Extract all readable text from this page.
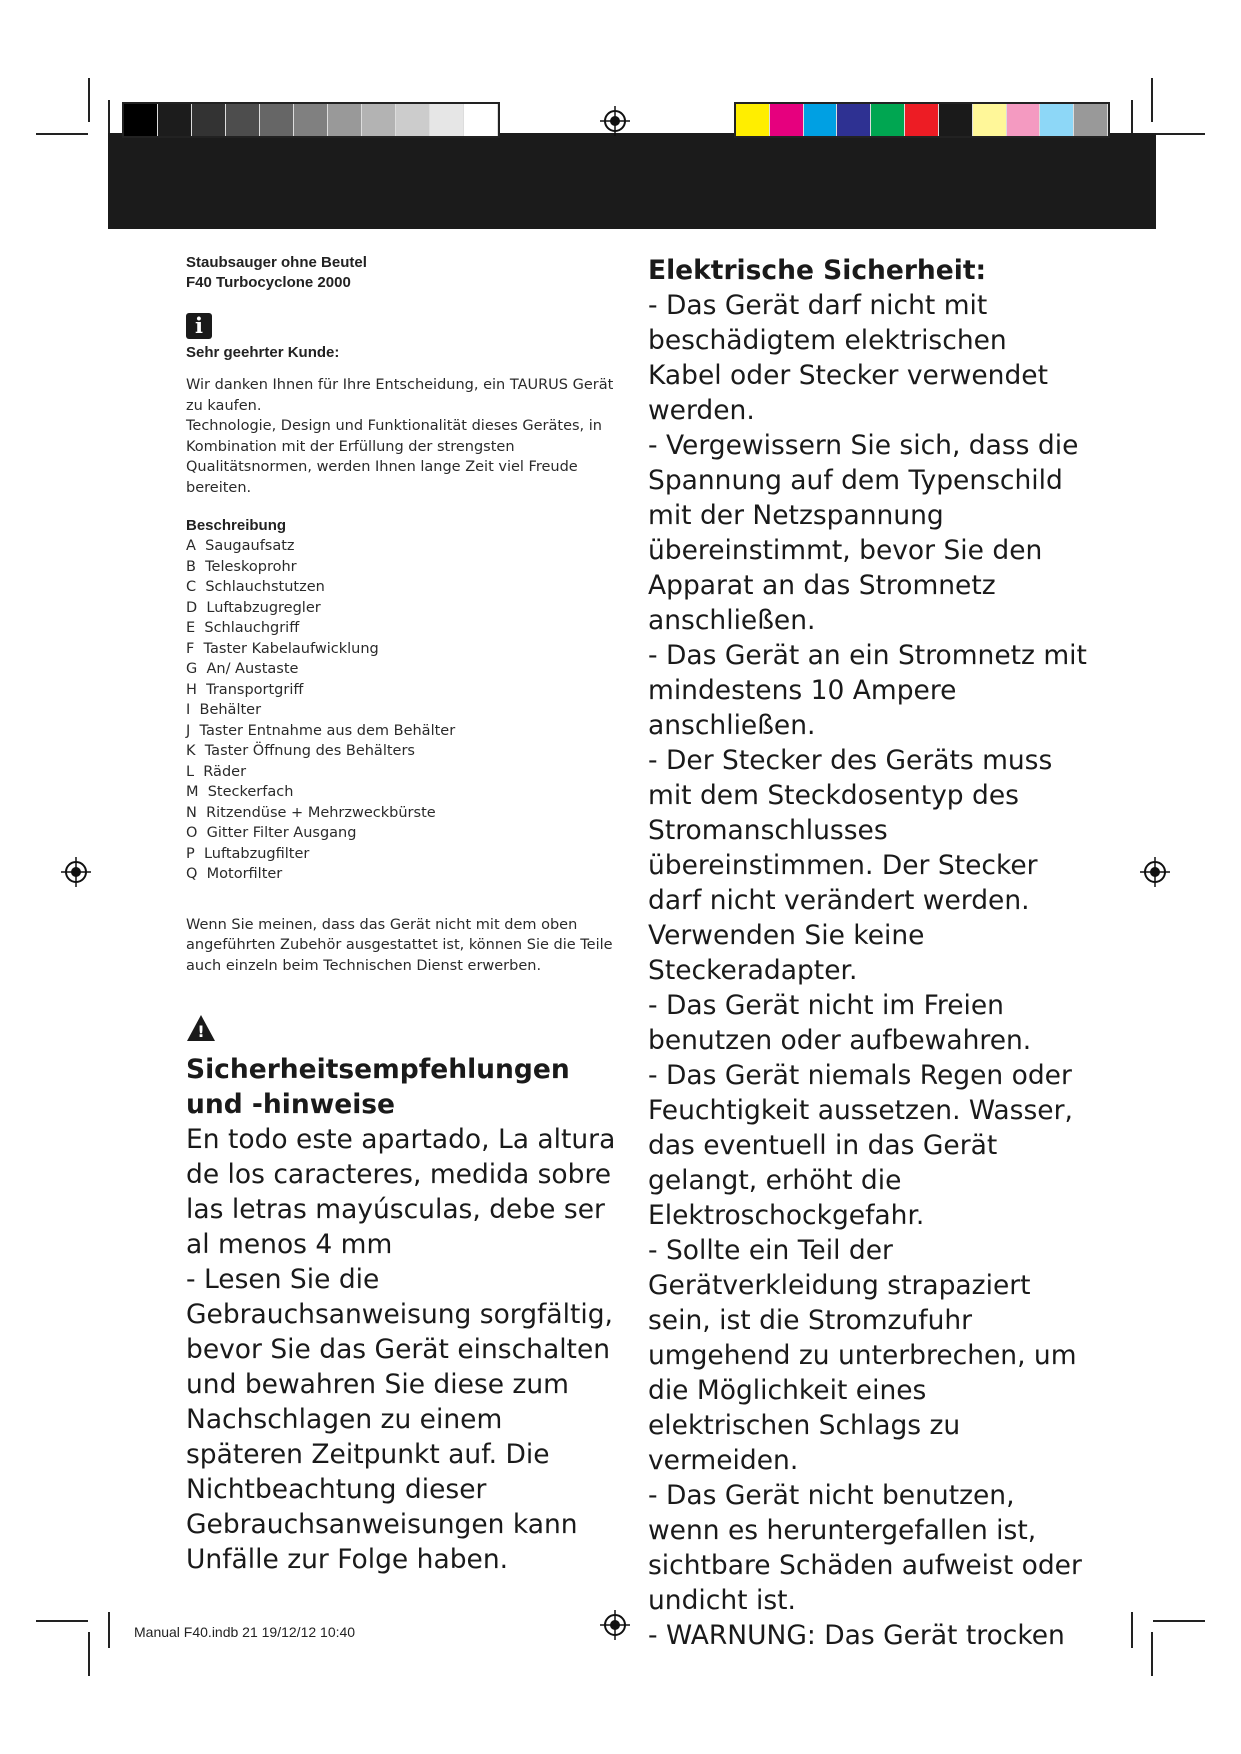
Staubsauger ohne Beutel
F40 Turbocyclone 2000
i
Sehr geehrter Kunde:
Wir danken Ihnen für Ihre Entscheidung, ein TAURUS Gerät zu kaufen.
Technologie, Design und Funktionalität dieses Gerätes, in Kombination mit der Erfüllung der strengsten Qualitätsnormen, werden Ihnen lange Zeit viel Freude bereiten.
Beschreibung
A  Saugaufsatz
B  Teleskoprohr
C  Schlauchstutzen
D  Luftabzugregler
E  Schlauchgriff
F  Taster Kabelaufwicklung
G  An/ Austaste
H  Transportgriff
I  Behälter
J  Taster Entnahme aus dem Behälter
K  Taster Öffnung des Behälters
L  Räder
M  Steckerfach
N  Ritzendüse + Mehrzweckbürste
O  Gitter Filter Ausgang
P  Luftabzugfilter
Q  Motorfilter
Wenn Sie meinen, dass das Gerät nicht mit dem oben angeführten Zubehör ausgestattet ist, können Sie die Teile auch einzeln beim Technischen Dienst erwerben.
!
Sicherheitsempfehlungen und -hinweise
En todo este apartado, La altura de los caracteres, medida sobre las letras mayúsculas, debe ser al menos 4 mm
- Lesen Sie die Gebrauchsanweisung sorgfältig, bevor Sie das Gerät einschalten und bewahren Sie diese zum Nachschlagen zu einem späteren Zeitpunkt auf. Die Nichtbeachtung dieser Gebrauchsanweisungen kann Unfälle zur Folge haben.
Elektrische Sicherheit:
- Das Gerät darf nicht mit beschädigtem elektrischen Kabel oder Stecker verwendet werden.
- Vergewissern Sie sich, dass die Spannung auf dem Typenschild mit der Netzspannung übereinstimmt, bevor Sie den Apparat an das Stromnetz anschließen.
- Das Gerät an ein Stromnetz mit mindestens 10 Ampere anschließen.
- Der Stecker des Geräts muss mit dem Steckdosentyp des Stromanschlusses übereinstimmen. Der Stecker darf nicht verändert werden. Verwenden Sie keine Steckeradapter.
- Das Gerät nicht im Freien benutzen oder aufbewahren.
- Das Gerät niemals Regen oder Feuchtigkeit aussetzen. Wasser, das eventuell in das Gerät gelangt, erhöht die Elektroschockgefahr.
- Sollte ein Teil der Gerätverkleidung strapaziert sein, ist die Stromzufuhr umgehend zu unterbrechen, um die Möglichkeit eines elektrischen Schlags zu vermeiden.
- Das Gerät nicht benutzen, wenn es heruntergefallen ist, sichtbare Schäden aufweist oder undicht ist.
- WARNUNG: Das Gerät trocken
Manual F40.indb 21 19/12/12 10:40
